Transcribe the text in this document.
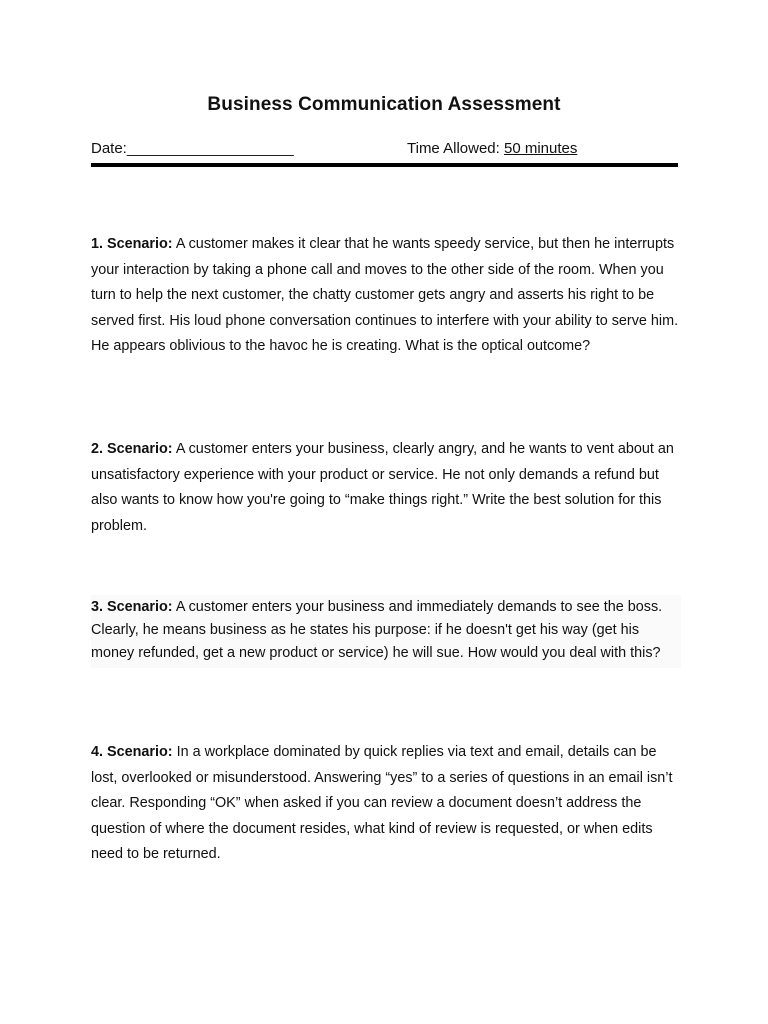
Business Communication Assessment
Date:____________________	Time Allowed: 50 minutes

1. Scenario: A customer makes it clear that he wants speedy service, but then he interrupts your interaction by taking a phone call and moves to the other side of the room. When you turn to help the next customer, the chatty customer gets angry and asserts his right to be served first. His loud phone conversation continues to interfere with your ability to serve him. He appears oblivious to the havoc he is creating. What is the optical outcome?

2. Scenario: A customer enters your business, clearly angry, and he wants to vent about an unsatisfactory experience with your product or service. He not only demands a refund but also wants to know how you're going to “make things right.” Write the best solution for this problem.

3. Scenario: A customer enters your business and immediately demands to see the boss. Clearly, he means business as he states his purpose: if he doesn't get his way (get his money refunded, get a new product or service) he will sue. How would you deal with this?

4. Scenario: In a workplace dominated by quick replies via text and email, details can be lost, overlooked or misunderstood. Answering “yes” to a series of questions in an email isn’t clear. Responding “OK” when asked if you can review a document doesn’t address the question of where the document resides, what kind of review is requested, or when edits need to be returned.
